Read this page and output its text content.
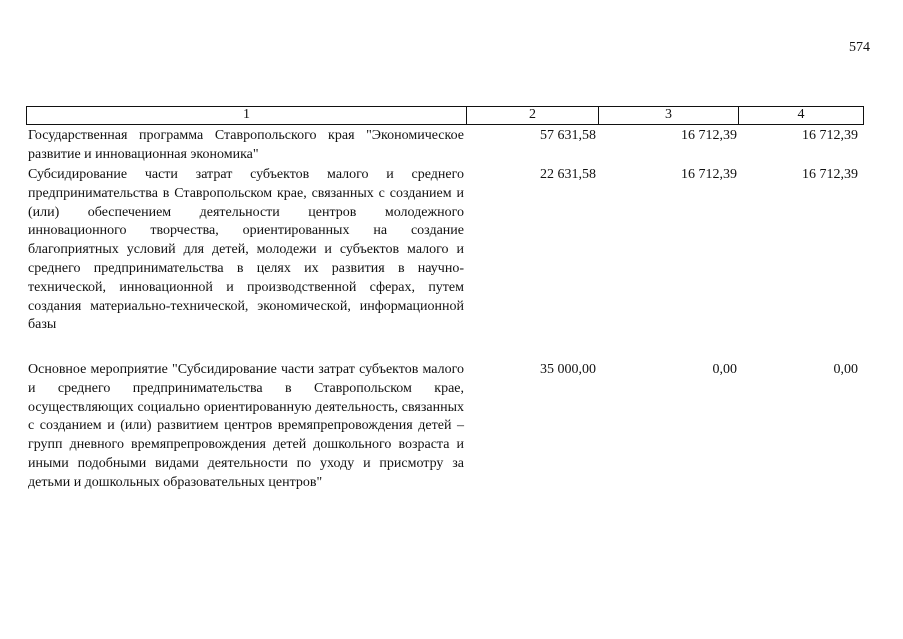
574
1	2	3	4
Государственная программа Ставропольского края "Экономическое развитие и инновационная экономика"
57 631,58	16 712,39	16 712,39
Субсидирование части затрат субъектов малого и среднего предпринимательства в Ставропольском крае, связанных с созданием и (или) обеспечением деятельности центров молодежного инновационного творчества, ориентированных на создание благоприятных условий для детей, молодежи и субъектов малого и среднего предпринимательства в целях их развития в научно-технической, инновационной и производственной сферах, путем создания материально-технической, экономической, информационной базы
22 631,58	16 712,39	16 712,39
Основное мероприятие "Субсидирование части затрат субъектов малого и среднего предпринимательства в Ставропольском крае, осуществляющих социально ориентированную деятельность, связанных с созданием и (или) развитием центров времяпрепровождения детей – групп дневного времяпрепровождения детей дошкольного возраста и иными подобными видами деятельности по уходу и присмотру за детьми и дошкольных образовательных центров"
35 000,00	0,00	0,00
